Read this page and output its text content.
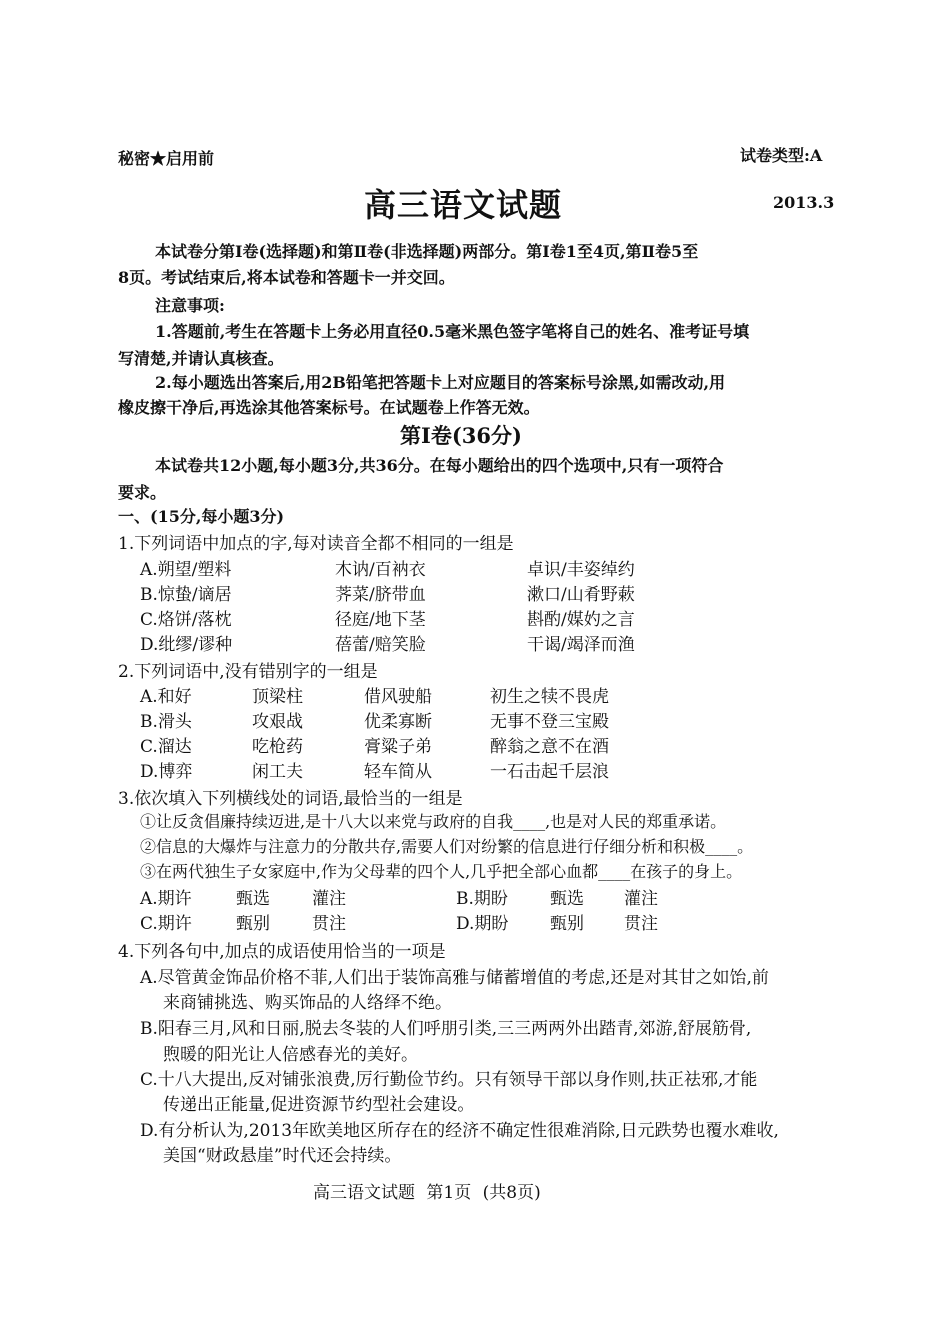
秘密★启用前	试卷类型:A
高三语文试题	2013.3
本试卷分第Ⅰ卷(选择题)和第Ⅱ卷(非选择题)两部分。第Ⅰ卷1至4页,第Ⅱ卷5至
8页。考试结束后,将本试卷和答题卡一并交回。
注意事项:
1.答题前,考生在答题卡上务必用直径0.5毫米黑色签字笔将自己的姓名、准考证号填
写清楚,并请认真核查。
2.每小题选出答案后,用2B铅笔把答题卡上对应题目的答案标号涂黑,如需改动,用
橡皮擦干净后,再选涂其他答案标号。在试题卷上作答无效。
第Ⅰ卷(36分)
本试卷共12小题,每小题3分,共36分。在每小题给出的四个选项中,只有一项符合
要求。
一、(15分,每小题3分)
1.下列词语中加点的字,每对读音全都不相同的一组是
A.朔望/塑料	木讷/百衲衣	卓识/丰姿绰约
B.惊蛰/谪居	荠菜/脐带血	漱口/山肴野蔌
C.烙饼/落枕	径庭/地下茎	斟酌/媒妁之言
D.纰缪/谬种	蓓蕾/赔笑脸	干谒/竭泽而渔
2.下列词语中,没有错别字的一组是
A.和好	顶梁柱	借风驶船	初生之犊不畏虎
B.滑头	攻艰战	优柔寡断	无事不登三宝殿
C.溜达	吃枪药	膏粱子弟	醉翁之意不在酒
D.博弈	闲工夫	轻车简从	一石击起千层浪
3.依次填入下列横线处的词语,最恰当的一组是
①让反贪倡廉持续迈进,是十八大以来党与政府的自我____,也是对人民的郑重承诺。
②信息的大爆炸与注意力的分散共存,需要人们对纷繁的信息进行仔细分析和积极____。
③在两代独生子女家庭中,作为父母辈的四个人,几乎把全部心血都____在孩子的身上。
A.期许	甄选 灌注	B.期盼 甄选 灌注
C.期许	甄别 贯注	D.期盼 甄别 贯注
4.下列各句中,加点的成语使用恰当的一项是
A.尽管黄金饰品价格不菲,人们出于装饰高雅与储蓄增值的考虑,还是对其甘之如饴,前
来商铺挑选、购买饰品的人络绎不绝。
B.阳春三月,风和日丽,脱去冬装的人们呼朋引类,三三两两外出踏青,郊游,舒展筋骨,
煦暖的阳光让人倍感春光的美好。
C.十八大提出,反对铺张浪费,厉行勤俭节约。只有领导干部以身作则,扶正祛邪,才能
传递出正能量,促进资源节约型社会建设。
D.有分析认为,2013年欧美地区所存在的经济不确定性很难消除,日元跌势也覆水难收,
美国“财政悬崖”时代还会持续。
高三语文试题 第1页 (共8页)
